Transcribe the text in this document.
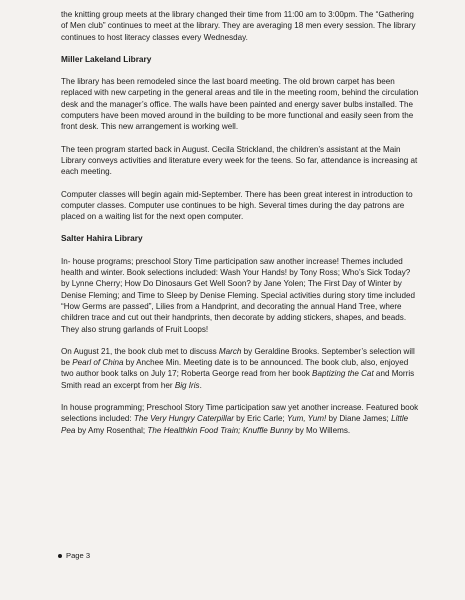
the knitting group meets at the library changed their time from 11:00 am to 3:00pm. The “Gathering of Men club” continues to meet at the library. They are averaging 18 men every session. The library continues to host literacy classes every Wednesday.

Miller Lakeland Library

The library has been remodeled since the last board meeting. The old brown carpet has been replaced with new carpeting in the general areas and tile in the meeting room, behind the circulation desk and the manager’s office. The walls have been painted and energy saver bulbs installed. The computers have been moved around in the building to be more functional and easily seen from the front desk. This new arrangement is working well.

The teen program started back in August. Cecila Strickland, the children’s assistant at the Main Library conveys activities and literature every week for the teens. So far, attendance is increasing at each meeting.

Computer classes will begin again mid-September. There has been great interest in introduction to computer classes. Computer use continues to be high. Several times during the day patrons are placed on a waiting list for the next open computer.

Salter Hahira Library

In- house programs; preschool Story Time participation saw another increase! Themes included health and winter. Book selections included: Wash Your Hands! by Tony Ross; Who’s Sick Today? by Lynne Cherry; How Do Dinosaurs Get Well Soon? by Jane Yolen; The First Day of Winter by Denise Fleming; and Time to Sleep by Denise Fleming. Special activities during story time included “How Germs are passed”, Lilies from a Handprint, and decorating the annual Hand Tree, where children trace and cut out their handprints, then decorate by adding stickers, shapes, and beads. They also strung garlands of Fruit Loops!

On August 21, the book club met to discuss March by Geraldine Brooks. September’s selection will be Pearl of China by Anchee Min. Meeting date is to be announced. The book club, also, enjoyed two author book talks on July 17; Roberta George read from her book Baptizing the Cat and Morris Smith read an excerpt from her Big Iris.

In house programming; Preschool Story Time participation saw yet another increase. Featured book selections included: The Very Hungry Caterpillar by Eric Carle; Yum, Yum! by Diane James; Little Pea by Amy Rosenthal; The Healthkin Food Train; Knuffle Bunny by Mo Willems.

Page 3
